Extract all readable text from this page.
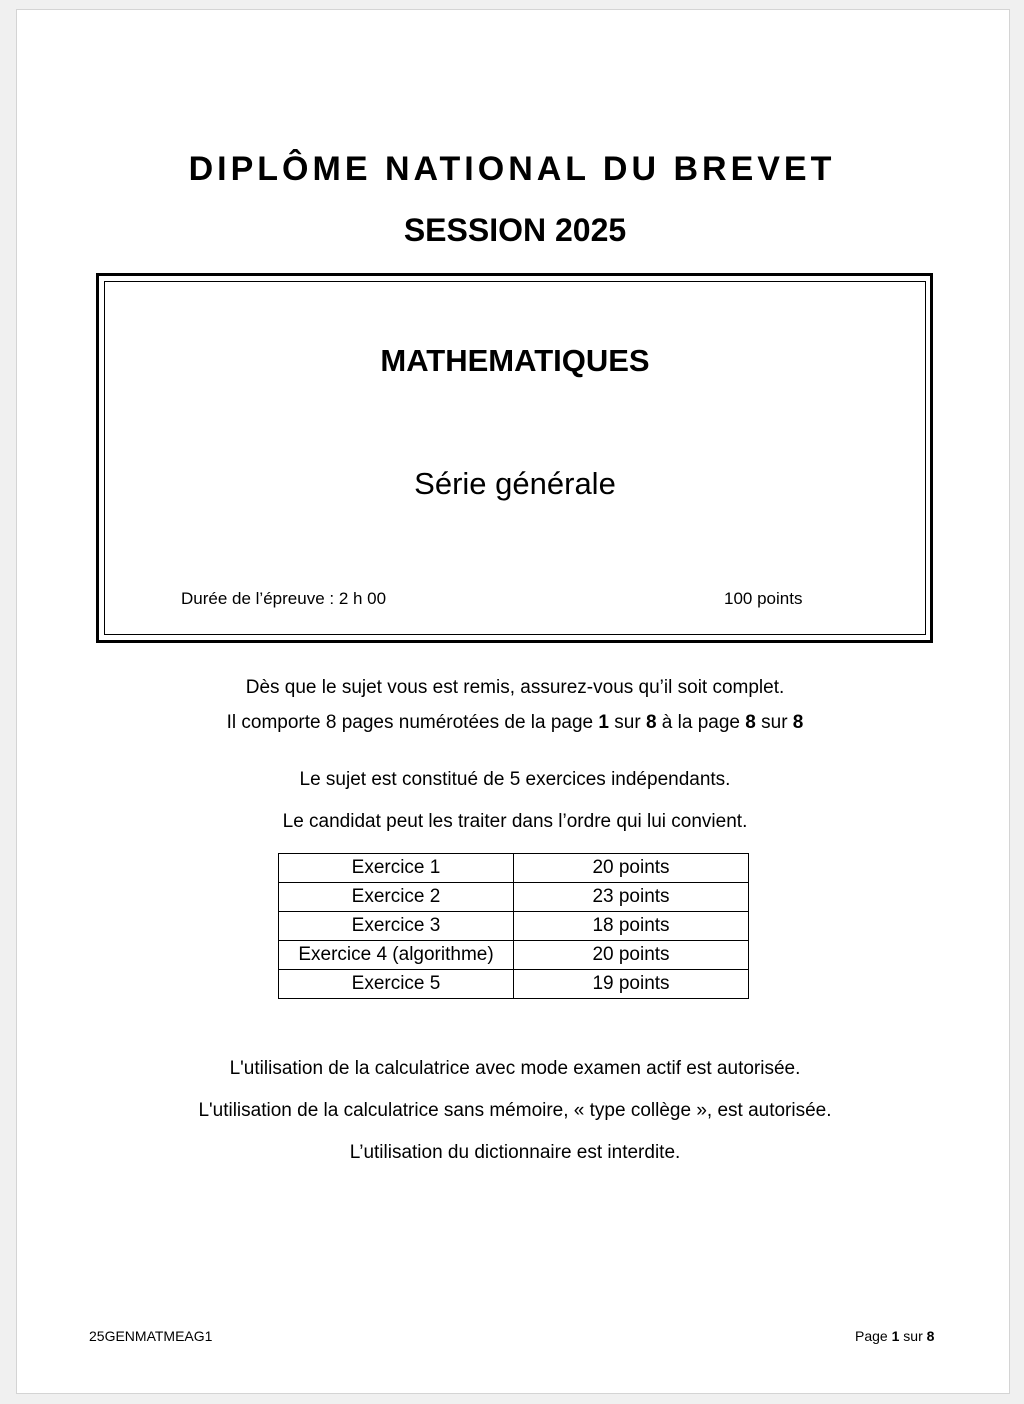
DIPLÔME NATIONAL DU BREVET
SESSION 2025
MATHEMATIQUES
Série générale
Durée de l’épreuve : 2 h 00	100 points
Dès que le sujet vous est remis, assurez-vous qu’il soit complet.
Il comporte 8 pages numérotées de la page 1 sur 8 à la page 8 sur 8
Le sujet est constitué de 5 exercices indépendants.
Le candidat peut les traiter dans l’ordre qui lui convient.
Exercice 1	20 points
Exercice 2	23 points
Exercice 3	18 points
Exercice 4 (algorithme)	20 points
Exercice 5	19 points
L'utilisation de la calculatrice avec mode examen actif est autorisée.
L'utilisation de la calculatrice sans mémoire, « type collège », est autorisée.
L’utilisation du dictionnaire est interdite.
25GENMATMEAG1	Page 1 sur 8
